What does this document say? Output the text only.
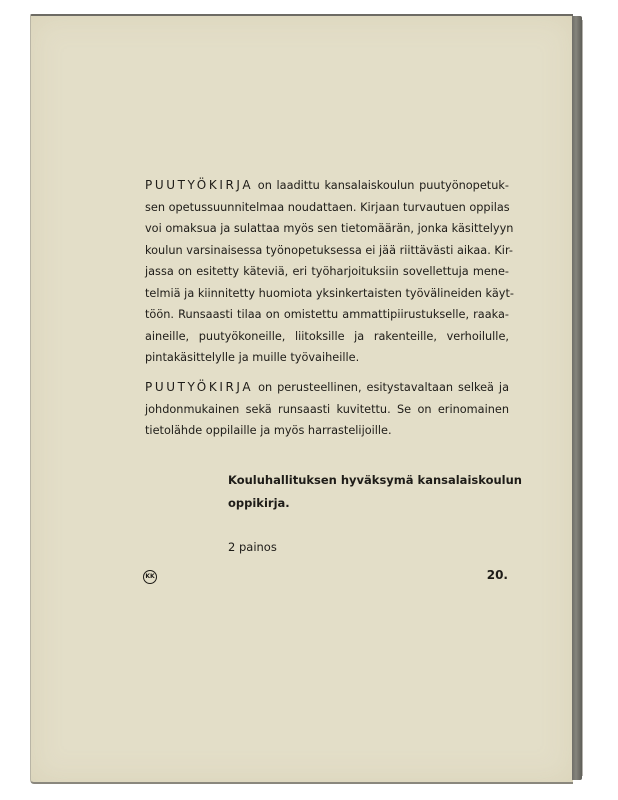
PUUTYÖKIRJA on laadittu kansalaiskoulun puutyönopetuk-
sen opetussuunnitelmaa noudattaen. Kirjaan turvautuen oppilas
voi omaksua ja sulattaa myös sen tietomäärän, jonka käsittelyyn
koulun varsinaisessa työnopetuksessa ei jää riittävästi aikaa. Kir-
jassa on esitetty käteviä, eri työharjoituksiin sovellettuja mene-
telmiä ja kiinnitetty huomiota yksinkertaisten työvälineiden käyt-
töön. Runsaasti tilaa on omistettu ammattipiirustukselle, raaka-
aineille, puutyökoneille, liitoksille ja rakenteille, verhoilulle,
pintakäsittelylle ja muille työvaiheille.
PUUTYÖKIRJA on perusteellinen, esitystavaltaan selkeä ja
johdonmukainen sekä runsaasti kuvitettu. Se on erinomainen
tietolähde oppilaille ja myös harrastelijoille.
Kouluhallituksen hyväksymä kansalaiskoulun
oppikirja.
2 painos
KK	20.
